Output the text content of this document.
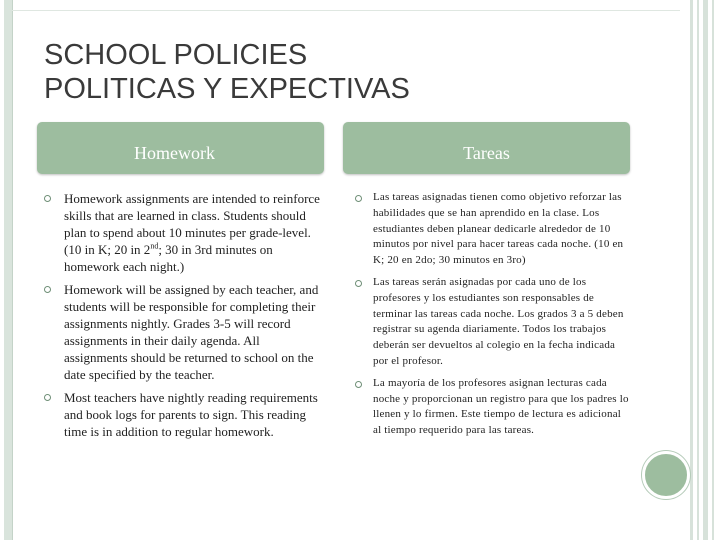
SCHOOL POLICIES
POLITICAS Y EXPECTIVAS
Homework	Tareas
Homework assignments are intended to reinforce skills that are learned in class. Students should plan to spend about 10 minutes per grade-level. (10 in K; 20 in 2nd; 30 in 3rd minutes on homework each night.)
Homework will be assigned by each teacher, and students will be responsible for completing their assignments nightly. Grades 3-5 will record assignments in their daily agenda. All assignments should be returned to school on the date specified by the teacher.
Most teachers have nightly reading requirements and book logs for parents to sign. This reading time is in addition to regular homework.
Las tareas asignadas tienen como objetivo reforzar las habilidades que se han aprendido en la clase. Los estudiantes deben planear dedicarle alrededor de 10 minutos por nivel para hacer tareas cada noche. (10 en K; 20 en 2do; 30 minutos en 3ro)
Las tareas serán asignadas por cada uno de los profesores y los estudiantes son responsables de terminar las tareas cada noche. Los grados 3 a 5 deben registrar su agenda diariamente. Todos los trabajos deberán ser devueltos al colegio en la fecha indicada por el profesor.
La mayoría de los profesores asignan lecturas cada noche y proporcionan un registro para que los padres lo llenen y lo firmen. Este tiempo de lectura es adicional al tiempo requerido para las tareas.
